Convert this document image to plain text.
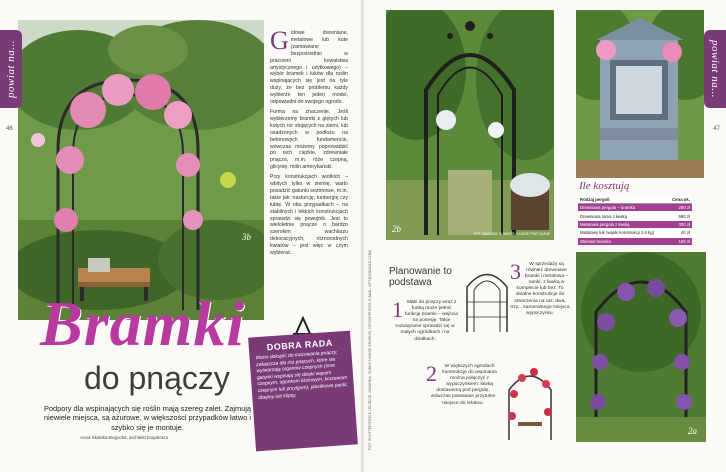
3b
powiat na...
46
G otowe drewniane, metalowe lub kute (zamawiane bezpośrednio w pracowni kowalstwa artystycznego i użytkowego) – wybór bramek i łuków dla roślin wspinających się jest na tyle duży, że bez problemu każdy wybierze ten jeden model, odpowiedni do swojego ogrodu.

Forma na znaczenie. Jeśli wybierzemy bramki z giętych lub kutych rur stojących na ziemi, lub osadzonych w podłożu na betonowych fundamencie, wówczas możemy poprowadzić po nich ciężkie, zdrewniałe pnącza, m.in. róże czepną, glicynię, milin amerykański.

Przy konstrukcjach wiotkich – wbitych tylko w ziemię, warto posadzić gatunki sezonowe, m.in. takie jak: nasturcję, tunbergię czy łubię. W obu przypadkach – na stabilnych i lekkich konstrukcjach sprawdzi się powojnik. Jest to wieloletnie pnącze o bardzo szerokim wachlarzu dekoracyjnych, różnorodnych kwiatów – jest więc w czym wybierać.

Bramki
do pnączy
Podpory dla wspinających się roślin mają szereg zalet. Zajmują niewiele miejsca, są ażurowe, w większości przypadków łatwo i szybko się je montuje.
Anna Skalska-Bogucka, architekt krajobrazu
DOBRA RADA

Warto dokupić do mocowania pnączy, zwłaszcza dla róż pnących, które nie wytwarzają organów czepnych (inne gatunki wspinają się dzięki wąsom czepnym, ogonkom liściowym, korzeniom czepnym lub przylgom), plastikowe paski, obejmy lub klipsy.

2b	FOT. MEADOW SLIMMOR / LUDZIE PRZYJAZNE
powiat na...
47
Ile kosztują
Rodzaj pergoli	Cena ok.
Drewniana pergola – bramka	250 zł
Drewniana rama z ławką	590 zł
Metalowa pergola z ławką	300 zł
Metalowy łuk (wąski konstrukcji 1,6 kg)	40 zł
Stalowa bramka	160 zł
2a
FOT. SHUTTERSTOCK (ZDJĘCIE: SKAWINA, SUNNY HOUSE GRAPHIC, ISTOCKPHOTO, E-MAIL: APT@GOOGLE.COM) Planowanie to podstawa
1 Słabi do pnączy wraz z furtką może pełnić funkcję bramki – wejścia na posesję. Takie rozwiązanie sprawdzi się w małych ogródkach i na działkach.
2 W większych ogrodach konstrukcję do wspinania można połączyć z wypoczynkiem: ławką dostawioną pod pergolę, wówczas powstanie przytulne miejsce do relaksu.
3 W sprzedaży są również drewniane bramki i metalowa – ramki, z ławką w komplecie lub bez. To idealne konstrukcje do stworzenia na raz, dwa, trzy... kameralnego miejsca wypoczynku.
